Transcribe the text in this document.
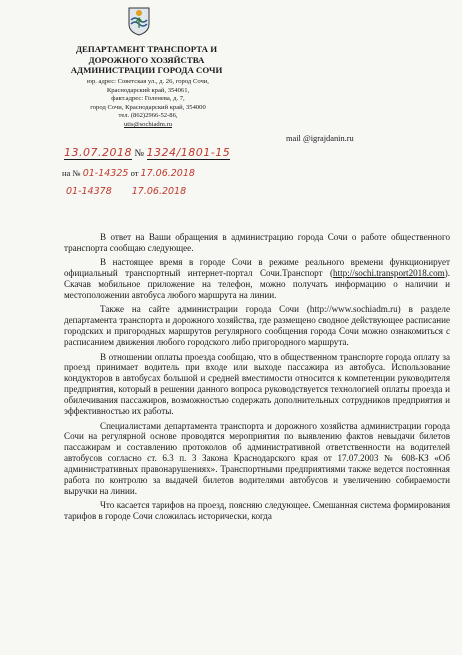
ДЕПАРТАМЕНТ ТРАНСПОРТА И
ДОРОЖНОГО ХОЗЯЙСТВА
АДМИНИСТРАЦИИ ГОРОДА СОЧИ
юр. адрес: Советская ул., д. 26, город Сочи,
Краснодарский край, 354061,
факт.адрес: Голенева, д. 7,
город Сочи, Краснодарский край, 354000
тел. (862)2966-52-86,
utis@sochiadm.ru
mail @igrajdanin.ru
13.07.2018 № 1324/1801-15
на № 01-14325 от 17.06.2018
01-14378 17.06.2018

В ответ на Ваши обращения в администрацию города Сочи о работе общественного транспорта сообщаю следующее.

В настоящее время в городе Сочи в режиме реального времени функционирует официальный транспортный интернет-портал Сочи.Транспорт (http://sochi.transport2018.com). Скачав мобильное приложение на телефон, можно получать информацию о наличии и местоположении автобуса любого маршрута на линии.

Также на сайте администрации города Сочи (http://www.sochiadm.ru) в разделе департамента транспорта и дорожного хозяйства, где размещено сводное действующее расписание городских и пригородных маршрутов регулярного сообщения города Сочи можно ознакомиться с расписанием движения любого городского либо пригородного маршрута.

В отношении оплаты проезда сообщаю, что в общественном транспорте города оплату за проезд принимает водитель при входе или выходе пассажира из автобуса. Использование кондукторов в автобусах большой и средней вместимости относится к компетенции руководителя предприятия, который в решении данного вопроса руководствуется технологией оплаты проезда и обилечивания пассажиров, возможностью содержать дополнительных сотрудников предприятия и эффективностью их работы.

Специалистами департамента транспорта и дорожного хозяйства администрации города Сочи на регулярной основе проводятся мероприятия по выявлению фактов невыдачи билетов пассажирам и составлению протоколов об административной ответственности на водителей автобусов согласно ст. 6.3 п. 3 Закона Краснодарского края от 17.07.2003 № 608-КЗ «Об административных правонарушениях». Транспортными предприятиями также ведется постоянная работа по контролю за выдачей билетов водителями автобусов и увеличению собираемости выручки на линии.

Что касается тарифов на проезд, поясняю следующее. Смешанная система формирования тарифов в городе Сочи сложилась исторически, когда
